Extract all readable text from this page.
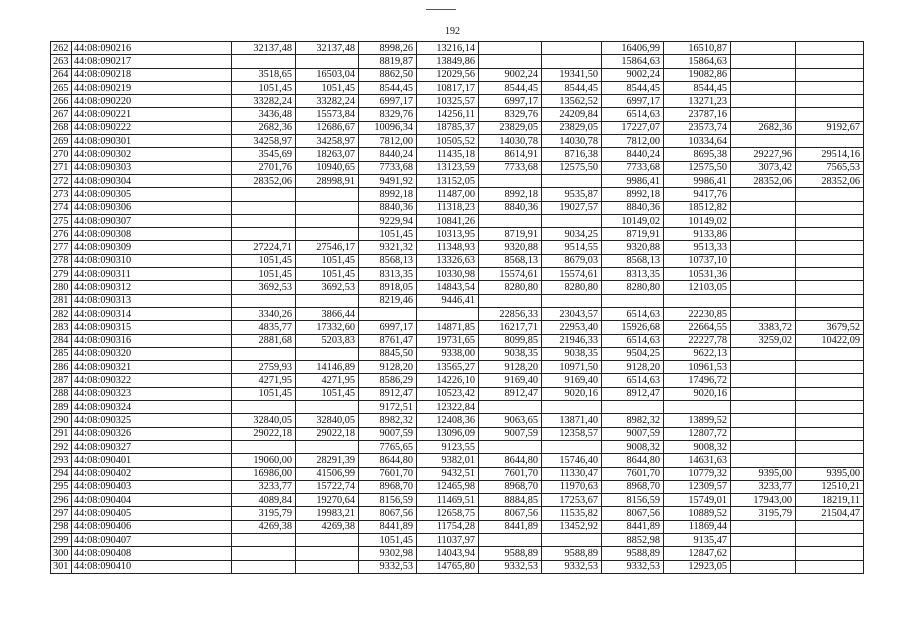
192
262	44:08:090216	32137,48	32137,48	8998,26	13216,14			16406,99	16510,87		
263	44:08:090217			8819,87	13849,86			15864,63	15864,63		
264	44:08:090218	3518,65	16503,04	8862,50	12029,56	9002,24	19341,50	9002,24	19082,86		
265	44:08:090219	1051,45	1051,45	8544,45	10817,17	8544,45	8544,45	8544,45	8544,45		
266	44:08:090220	33282,24	33282,24	6997,17	10325,57	6997,17	13562,52	6997,17	13271,23		
267	44:08:090221	3436,48	15573,84	8329,76	14256,11	8329,76	24209,84	6514,63	23787,16		
268	44:08:090222	2682,36	12686,67	10096,34	18785,37	23829,05	23829,05	17227,07	23573,74	2682,36	9192,67
269	44:08:090301	34258,97	34258,97	7812,00	10505,52	14030,78	14030,78	7812,00	10334,64		
270	44:08:090302	3545,69	18263,07	8440,24	11435,18	8614,91	8716,38	8440,24	8695,38	29227,96	29514,16
271	44:08:090303	2701,76	10940,65	7733,68	13123,59	7733,68	12575,50	7733,68	12575,50	3073,42	7565,53
272	44:08:090304	28352,06	28998,91	9491,92	13152,05			9986,41	9986,41	28352,06	28352,06
273	44:08:090305			8992,18	11487,00	8992,18	9535,87	8992,18	9417,76		
274	44:08:090306			8840,36	11318,23	8840,36	19027,57	8840,36	18512,82		
275	44:08:090307			9229,94	10841,26			10149,02	10149,02		
276	44:08:090308			1051,45	10313,95	8719,91	9034,25	8719,91	9133,86		
277	44:08:090309	27224,71	27546,17	9321,32	11348,93	9320,88	9514,55	9320,88	9513,33		
278	44:08:090310	1051,45	1051,45	8568,13	13326,63	8568,13	8679,03	8568,13	10737,10		
279	44:08:090311	1051,45	1051,45	8313,35	10330,98	15574,61	15574,61	8313,35	10531,36		
280	44:08:090312	3692,53	3692,53	8918,05	14843,54	8280,80	8280,80	8280,80	12103,05		
281	44:08:090313			8219,46	9446,41						
282	44:08:090314	3340,26	3866,44			22856,33	23043,57	6514,63	22230,85		
283	44:08:090315	4835,77	17332,60	6997,17	14871,85	16217,71	22953,40	15926,68	22664,55	3383,72	3679,52
284	44:08:090316	2881,68	5203,83	8761,47	19731,65	8099,85	21946,33	6514,63	22227,78	3259,02	10422,09
285	44:08:090320			8845,50	9338,00	9038,35	9038,35	9504,25	9622,13		
286	44:08:090321	2759,93	14146,89	9128,20	13565,27	9128,20	10971,50	9128,20	10961,53		
287	44:08:090322	4271,95	4271,95	8586,29	14226,10	9169,40	9169,40	6514,63	17496,72		
288	44:08:090323	1051,45	1051,45	8912,47	10523,42	8912,47	9020,16	8912,47	9020,16		
289	44:08:090324			9172,51	12322,84						
290	44:08:090325	32840,05	32840,05	8982,32	12408,36	9063,65	13871,40	8982,32	13899,52		
291	44:08:090326	29022,18	29022,18	9007,59	13096,09	9007,59	12358,57	9007,59	12807,72		
292	44:08:090327			7765,65	9123,55			9008,32	9008,32		
293	44:08:090401	19060,00	28291,39	8644,80	9382,01	8644,80	15746,40	8644,80	14631,63		
294	44:08:090402	16986,00	41506,99	7601,70	9432,51	7601,70	11330,47	7601,70	10779,32	9395,00	9395,00
295	44:08:090403	3233,77	15722,74	8968,70	12465,98	8968,70	11970,63	8968,70	12309,57	3233,77	12510,21
296	44:08:090404	4089,84	19270,64	8156,59	11469,51	8884,85	17253,67	8156,59	15749,01	17943,00	18219,11
297	44:08:090405	3195,79	19983,21	8067,56	12658,75	8067,56	11535,82	8067,56	10889,52	3195,79	21504,47
298	44:08:090406	4269,38	4269,38	8441,89	11754,28	8441,89	13452,92	8441,89	11869,44		
299	44:08:090407			1051,45	11037,97			8852,98	9135,47		
300	44:08:090408			9302,98	14043,94	9588,89	9588,89	9588,89	12847,62		
301	44:08:090410			9332,53	14765,80	9332,53	9332,53	9332,53	12923,05		
